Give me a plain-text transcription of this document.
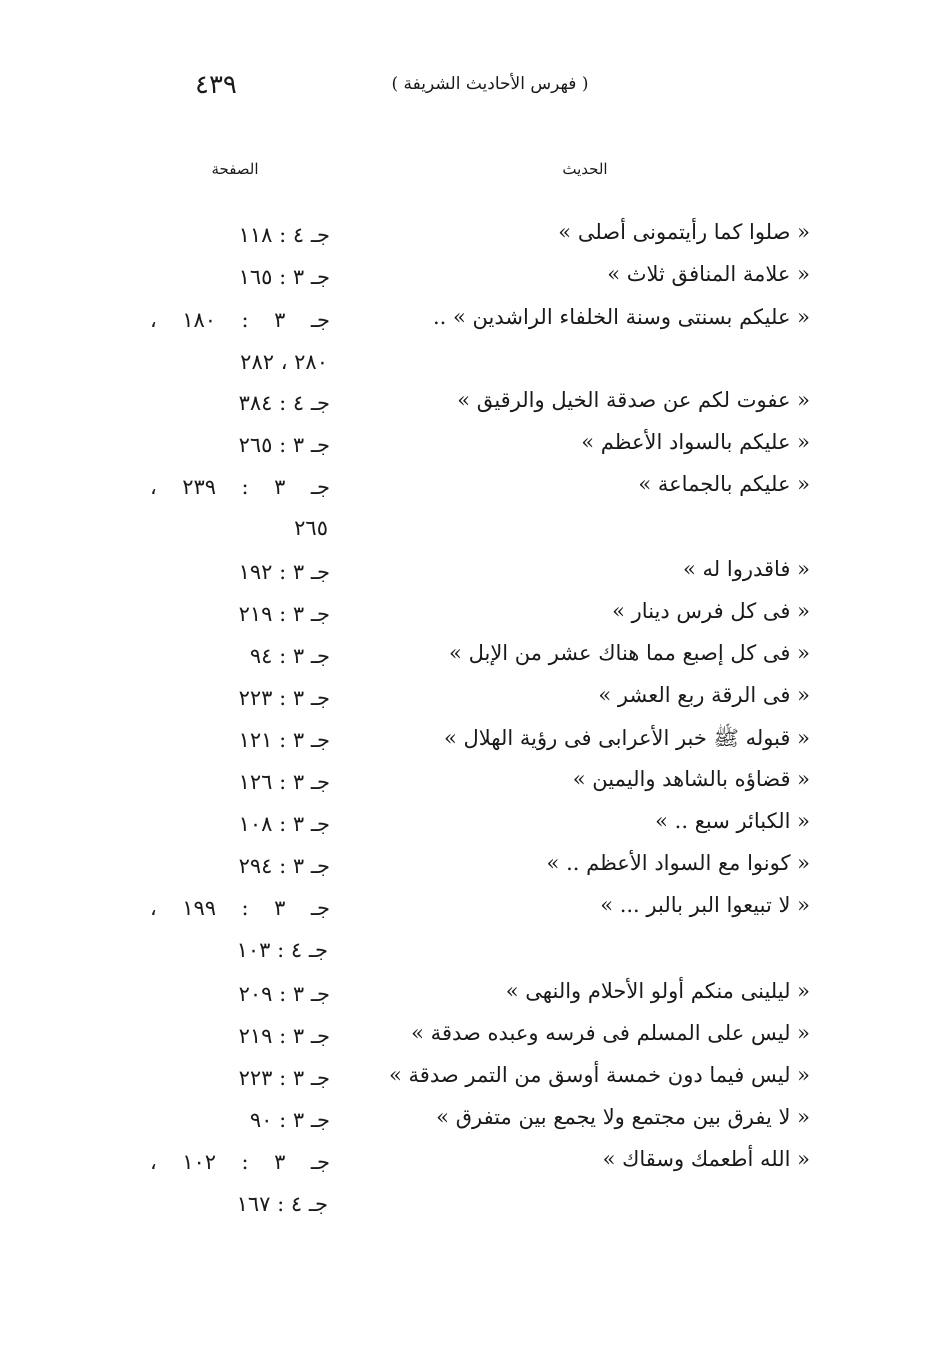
٤٣٩	( فهرس الأحاديث الشريفة )
الحديث
الصفحة
« صلوا كما رأيتمونى أصلى »
جـ ٤ : ١١٨
« علامة المنافق ثلاث »
جـ ٣ : ١٦٥
« عليكم بسنتى وسنة الخلفاء الراشدين » ..
جـ ٣ : ١٨٠ ،
٢٨٠ ، ٢٨٢
« عفوت لكم عن صدقة الخيل والرقيق »
جـ ٤ : ٣٨٤
« عليكم بالسواد الأعظم »
جـ ٣ : ٢٦٥
« عليكم بالجماعة »
جـ ٣ : ٢٣٩ ،
٢٦٥
« فاقدروا له »
جـ ٣ : ١٩٢
« فى كل فرس دينار »
جـ ٣ : ٢١٩
« فى كل إصبع مما هناك عشر من الإبل »
جـ ٣ : ٩٤
« فى الرقة ربع العشر »
جـ ٣ : ٢٢٣
« قبوله ﷺ خبر الأعرابى فى رؤية الهلال »
جـ ٣ : ١٢١
« قضاؤه بالشاهد واليمين »
جـ ٣ : ١٢٦
« الكبائر سبع .. »
جـ ٣ : ١٠٨
« كونوا مع السواد الأعظم .. »
جـ ٣ : ٢٩٤
« لا تبيعوا البر بالبر ... »
جـ ٣ : ١٩٩ ،
جـ ٤ : ١٠٣
« ليلينى منكم أولو الأحلام والنهى »
جـ ٣ : ٢٠٩
« ليس على المسلم فى فرسه وعبده صدقة »
جـ ٣ : ٢١٩
« ليس فيما دون خمسة أوسق من التمر صدقة »
جـ ٣ : ٢٢٣
« لا يفرق بين مجتمع ولا يجمع بين متفرق »
جـ ٣ : ٩٠
« الله أطعمك وسقاك »
جـ ٣ : ١٠٢ ،
جـ ٤ : ١٦٧
